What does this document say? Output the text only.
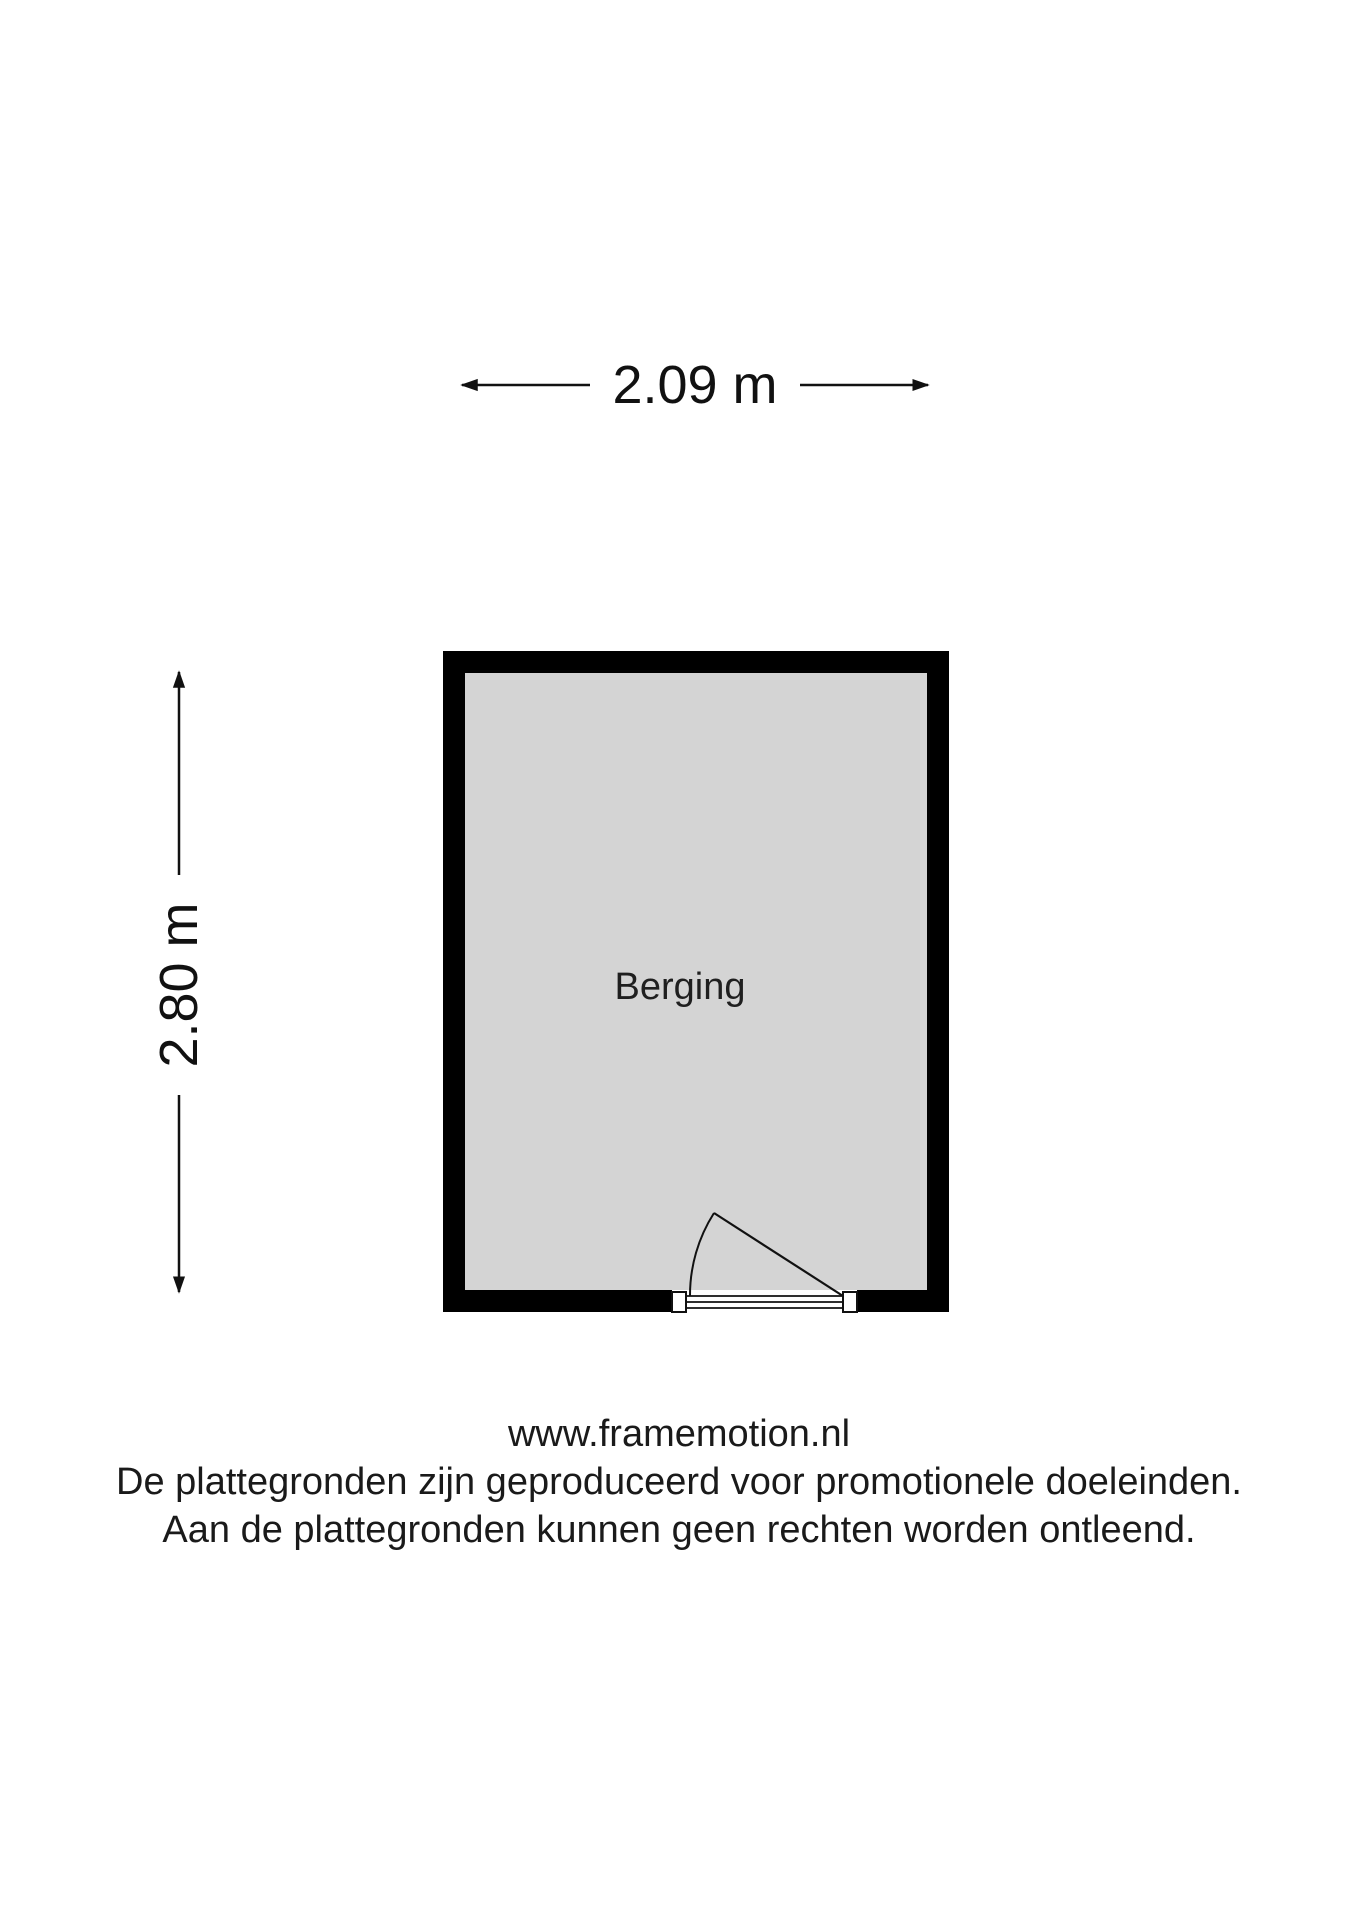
2.09 m
2.80 m	Berging
www.framemotion.nl
De plattegronden zijn geproduceerd voor promotionele doeleinden.
Aan de plattegronden kunnen geen rechten worden ontleend.
